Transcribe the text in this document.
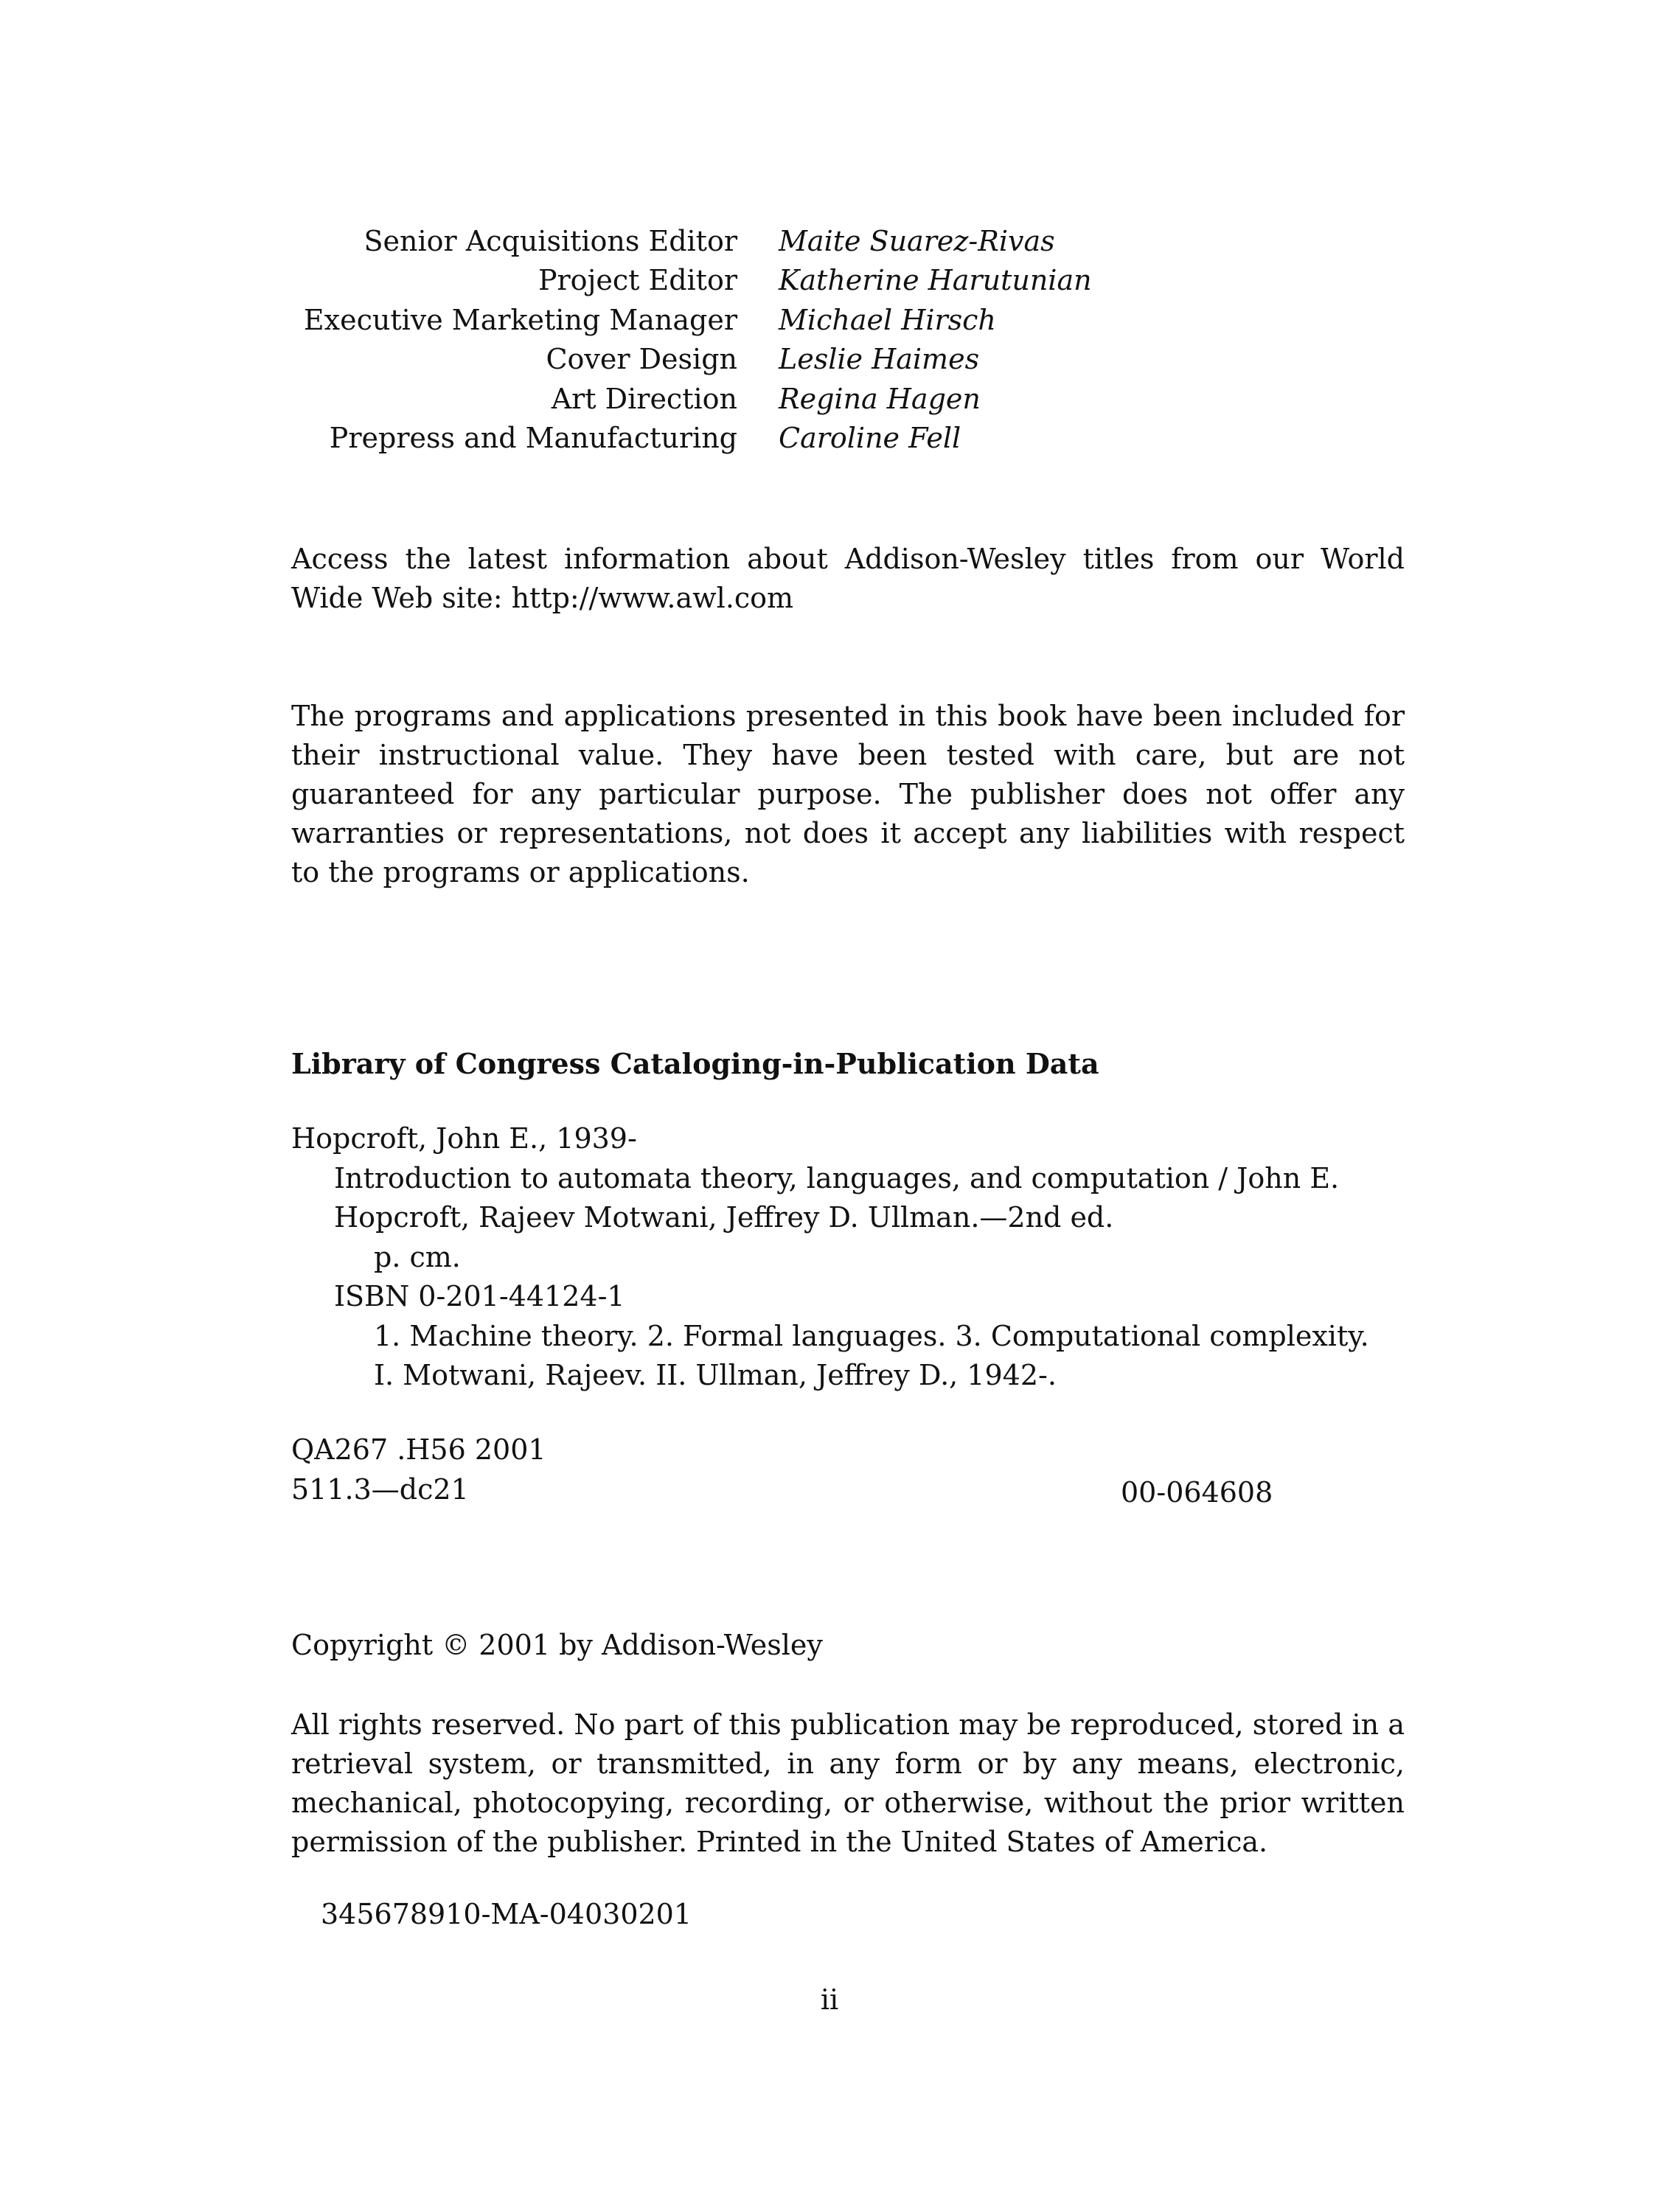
Senior Acquisitions Editor	Maite Suarez-Rivas
Project Editor	Katherine Harutunian
Executive Marketing Manager	Michael Hirsch
Cover Design	Leslie Haimes
Art Direction	Regina Hagen
Prepress and Manufacturing	Caroline Fell
Access the latest information about Addison-Wesley titles from our World Wide Web site: http://www.awl.com
The programs and applications presented in this book have been included for their instructional value. They have been tested with care, but are not guaranteed for any particular purpose. The publisher does not offer any warranties or representations, not does it accept any liabilities with respect to the programs or applications.
Library of Congress Cataloging-in-Publication Data
Hopcroft, John E., 1939-
Introduction to automata theory, languages, and computation / John E.
Hopcroft, Rajeev Motwani, Jeffrey D. Ullman.—2nd ed.
p. cm.
ISBN 0-201-44124-1
1. Machine theory. 2. Formal languages. 3. Computational complexity.
I. Motwani, Rajeev. II. Ullman, Jeffrey D., 1942-.
QA267 .H56 2001
511.3—dc21	00-064608
Copyright © 2001 by Addison-Wesley
All rights reserved. No part of this publication may be reproduced, stored in a retrieval system, or transmitted, in any form or by any means, electronic, mechanical, photocopying, recording, or otherwise, without the prior written permission of the publisher. Printed in the United States of America.
345678910-MA-04030201
ii
